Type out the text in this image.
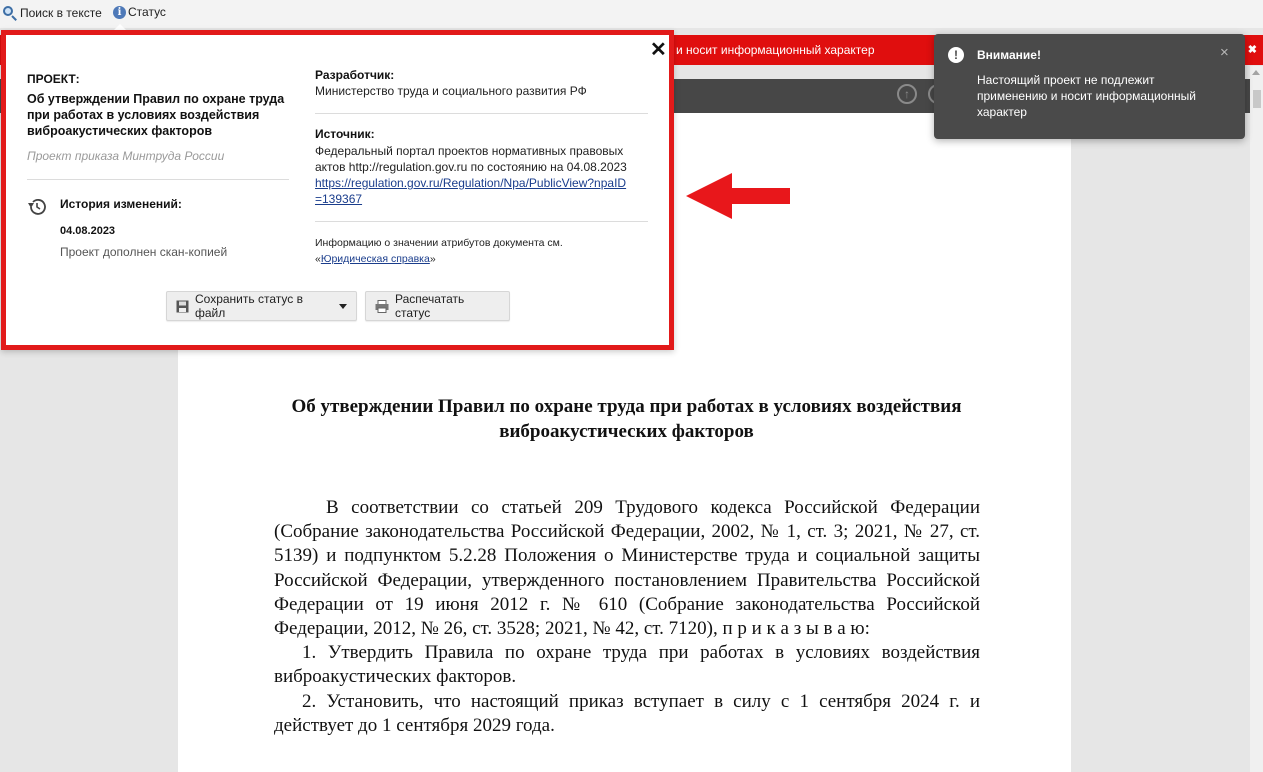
Поиск в тексте	i Статус
и носит информационный характер	✖
↑
Об утверждении Правил по охране труда при работах в условиях воздействия виброакустических факторов

В соответствии со статьей 209 Трудового кодекса Российской Федерации (Собрание законодательства Российской Федерации, 2002, № 1, ст. 3; 2021, № 27, ст. 5139) и подпунктом 5.2.28 Положения о Министерстве труда и социальной защиты Российской Федерации, утвержденного постановлением Правительства Российской Федерации от 19 июня 2012 г. № 610 (Собрание законодательства Российской Федерации, 2012, № 26, ст. 3528; 2021, № 42, ст. 7120), п р и к а з ы в а ю:

1. Утвердить Правила по охране труда при работах в условиях воздействия виброакустических факторов.

2. Установить, что настоящий приказ вступает в силу с 1 сентября 2024 г. и действует до 1 сентября 2029 года.

✕
ПРОЕКТ:
Об утверждении Правил по охране труда при работах в условиях воздействия виброакустических факторов
Проект приказа Минтруда России
История изменений:
04.08.2023
Проект дополнен скан-копией
Разработчик:
Министерство труда и социального развития РФ
Источник:
Федеральный портал проектов нормативных правовых актов http://regulation.gov.ru по состоянию на 04.08.2023
https://regulation.gov.ru/Regulation/Npa/PublicView?npaID
=139367
Информацию о значении атрибутов документа см.
«Юридическая справка»
Сохранить статус в файл
Распечатать статус
!	Внимание!
Настоящий проект не подлежит применению и носит информационный характер
×
